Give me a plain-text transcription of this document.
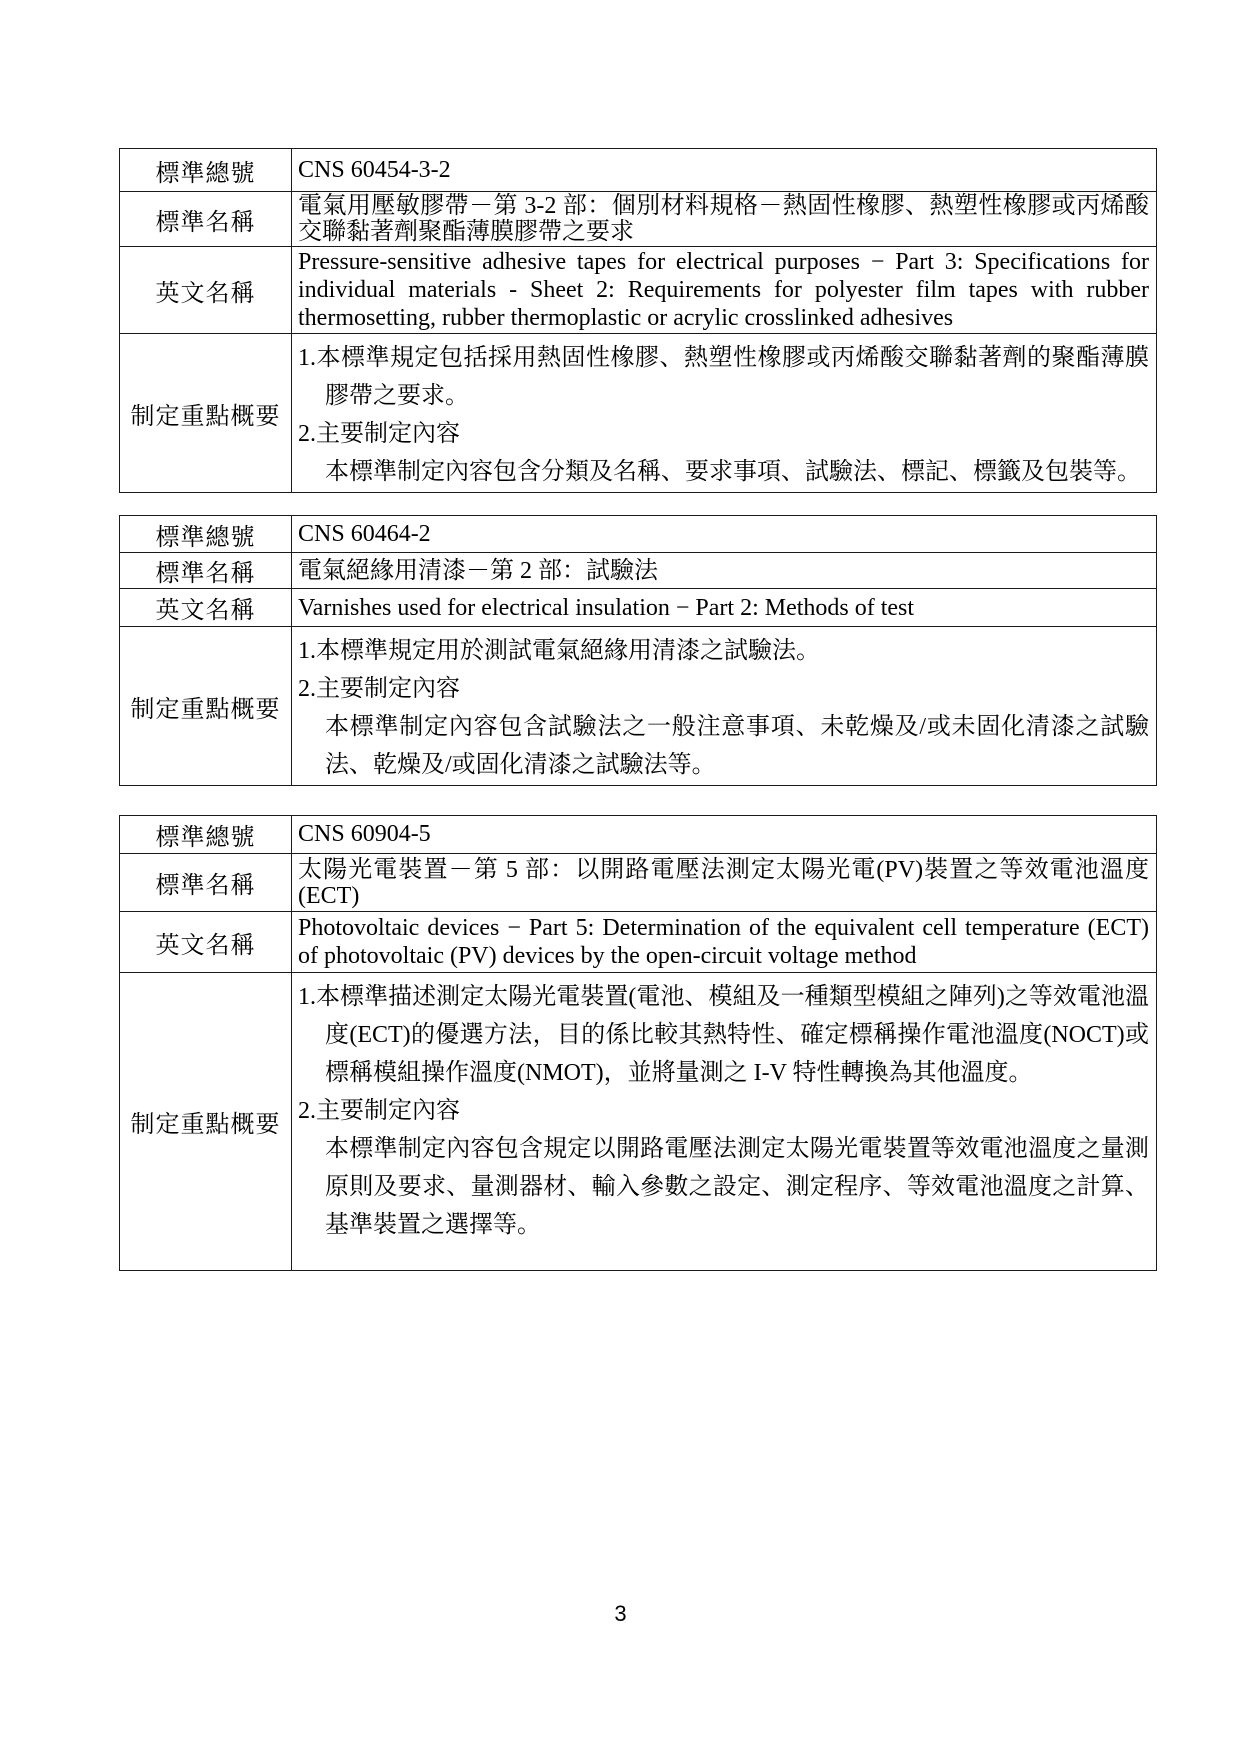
標準總號	CNS 60454-3-2
標準名稱	電氣用壓敏膠帶－第 3-2 部：個別材料規格－熱固性橡膠、熱塑性橡膠或丙烯酸交聯黏著劑聚酯薄膜膠帶之要求
英文名稱	Pressure-sensitive adhesive tapes for electrical purposes − Part 3: Specifications for individual materials - Sheet 2: Requirements for polyester film tapes with rubber thermosetting, rubber thermoplastic or acrylic crosslinked adhesives
制定重點概要	1.本標準規定包括採用熱固性橡膠、熱塑性橡膠或丙烯酸交聯黏著劑的聚酯薄膜膠帶之要求。
2.主要制定內容
本標準制定內容包含分類及名稱、要求事項、試驗法、標記、標籤及包裝等。
標準總號	CNS 60464-2
標準名稱	電氣絕緣用清漆－第 2 部：試驗法
英文名稱	Varnishes used for electrical insulation − Part 2: Methods of test
制定重點概要	1.本標準規定用於測試電氣絕緣用清漆之試驗法。
2.主要制定內容
本標準制定內容包含試驗法之一般注意事項、未乾燥及/或未固化清漆之試驗法、乾燥及/或固化清漆之試驗法等。
標準總號	CNS 60904-5
標準名稱	太陽光電裝置－第 5 部：以開路電壓法測定太陽光電(PV)裝置之等效電池溫度(ECT)
英文名稱	Photovoltaic devices − Part 5: Determination of the equivalent cell temperature (ECT) of photovoltaic (PV) devices by the open-circuit voltage method
制定重點概要	1.本標準描述測定太陽光電裝置(電池、模組及一種類型模組之陣列)之等效電池溫度(ECT)的優選方法，目的係比較其熱特性、確定標稱操作電池溫度(NOCT)或標稱模組操作溫度(NMOT)，並將量測之 I-V 特性轉換為其他溫度。
2.主要制定內容
本標準制定內容包含規定以開路電壓法測定太陽光電裝置等效電池溫度之量測原則及要求、量測器材、輸入參數之設定、測定程序、等效電池溫度之計算、基準裝置之選擇等。
3
